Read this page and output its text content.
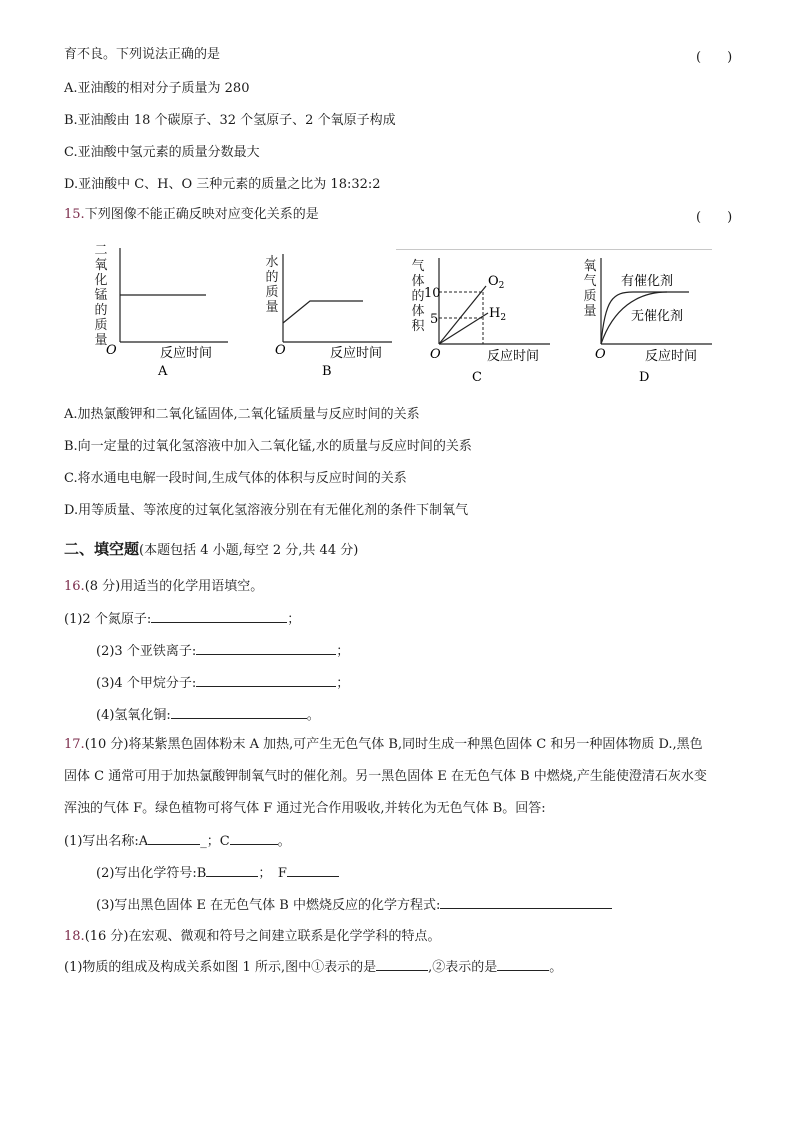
育不良。下列说法正确的是	(　　)
A.亚油酸的相对分子质量为 280
B.亚油酸由 18 个碳原子、32 个氢原子、2 个氧原子构成
C.亚油酸中氢元素的质量分数最大
D.亚油酸中 C、H、O 三种元素的质量之比为 18:32:2
15.下列图像不能正确反映对应变化关系的是	(　　)
二
氧
化
锰
的
质
量
O	反应时间
A
水
的
质
量
O	反应时间
B
气
体
的
体
积
10
5
$O_2$
$H_2$
O	反应时间
C
氧
气
质
量
有催化剂
无催化剂
O	反应时间
D
A.加热氯酸钾和二氧化锰固体,二氧化锰质量与反应时间的关系
B.向一定量的过氧化氢溶液中加入二氧化锰,水的质量与反应时间的关系
C.将水通电电解一段时间,生成气体的体积与反应时间的关系
D.用等质量、等浓度的过氧化氢溶液分别在有无催化剂的条件下制氧气
二、填空题(本题包括 4 小题,每空 2 分,共 44 分)
16.(8 分)用适当的化学用语填空。
(1)2 个氮原子:	；
(2)3 个亚铁离子:	；
(3)4 个甲烷分子:	；
(4)氢氧化铜:	。
17.(10 分)将某紫黑色固体粉末 A 加热,可产生无色气体 B,同时生成一种黑色固体 C 和另一种固体物质 D.,黑色
固体 C 通常可用于加热氯酸钾制氧气时的催化剂。另一黑色固体 E 在无色气体 B 中燃烧,产生能使澄清石灰水变
浑浊的气体 F。绿色植物可将气体 F 通过光合作用吸收,并转化为无色气体 B。回答:
(1)写出名称:A	_；C	。
(2)写出化学符号:B	；　F
(3)写出黑色固体 E 在无色气体 B 中燃烧反应的化学方程式:
18.(16 分)在宏观、微观和符号之间建立联系是化学学科的特点。
(1)物质的组成及构成关系如图 1 所示,图中①表示的是	,②表示的是	。
